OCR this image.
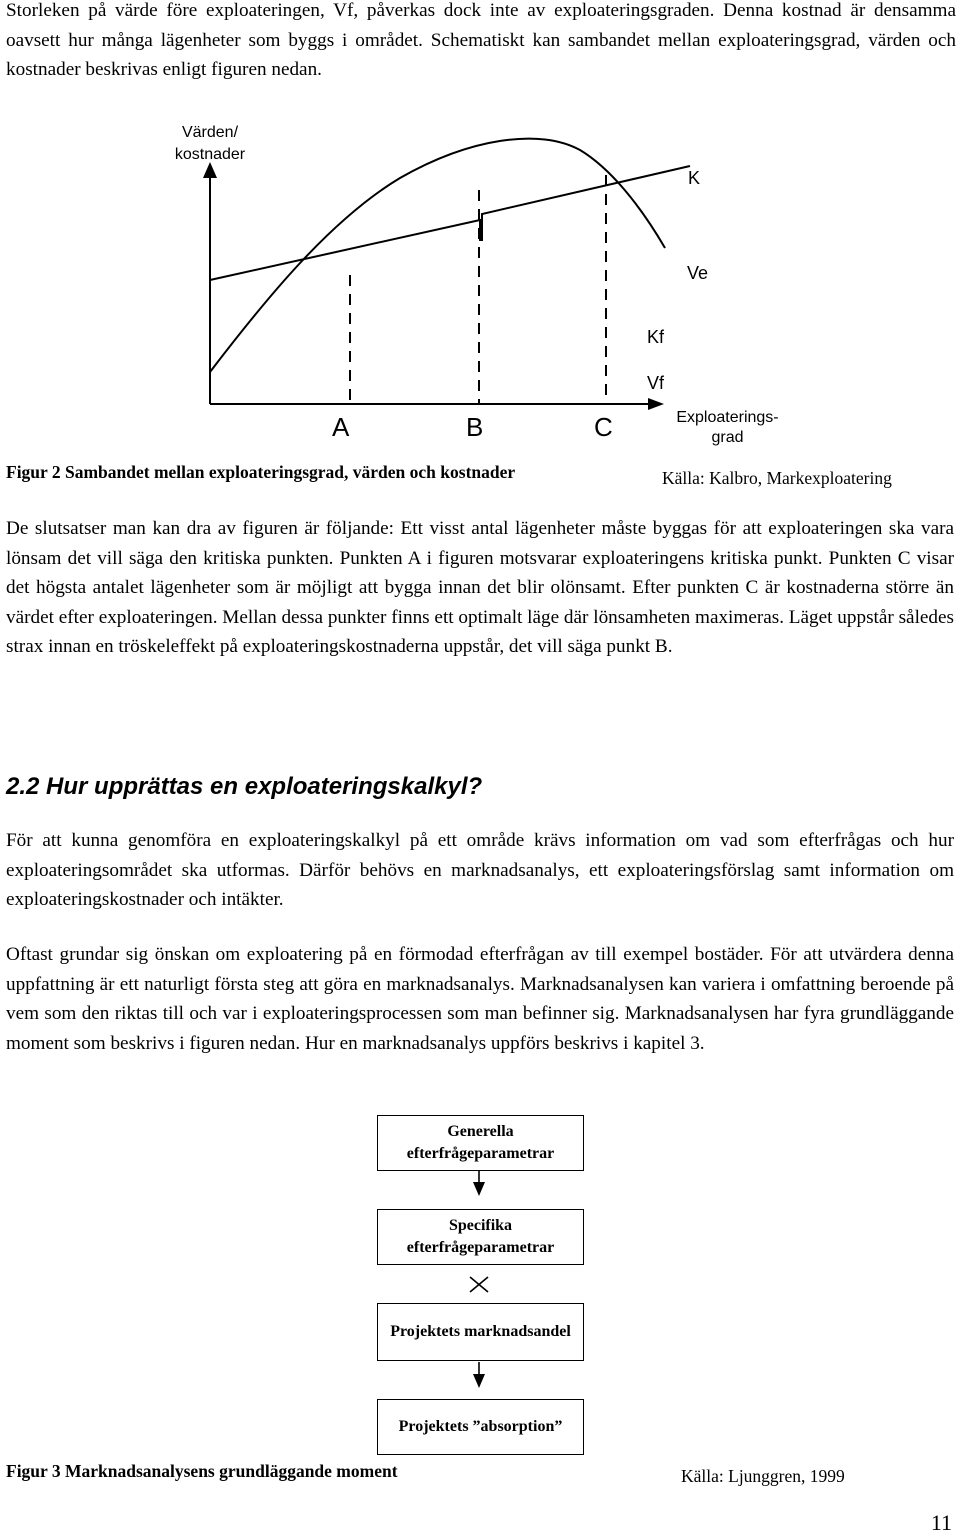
Storleken på värde före exploateringen, Vf, påverkas dock inte av exploateringsgraden. Denna kostnad är densamma oavsett hur många lägenheter som byggs i området. Schematiskt kan sambandet mellan exploateringsgrad, värden och kostnader beskrivas enligt figuren nedan.

Värden/ kostnader
K
Ve
Kf
Vf
Exploaterings-grad
A	B	C
Figur 2 Sambandet mellan exploateringsgrad, värden och kostnader	Källa: Kalbro, Markexploatering

De slutsatser man kan dra av figuren är följande: Ett visst antal lägenheter måste byggas för att exploateringen ska vara lönsam det vill säga den kritiska punkten. Punkten A i figuren motsvarar exploateringens kritiska punkt. Punkten C visar det högsta antalet lägenheter som är möjligt att bygga innan det blir olönsamt. Efter punkten C är kostnaderna större än värdet efter exploateringen. Mellan dessa punkter finns ett optimalt läge där lönsamheten maximeras. Läget uppstår således strax innan en tröskeleffekt på exploateringskostnaderna uppstår, det vill säga punkt B.

2.2 Hur upprättas en exploateringskalkyl?

För att kunna genomföra en exploateringskalkyl på ett område krävs information om vad som efterfrågas och hur exploateringsområdet ska utformas. Därför behövs en marknadsanalys, ett exploateringsförslag samt information om exploateringskostnader och intäkter.

Oftast grundar sig önskan om exploatering på en förmodad efterfrågan av till exempel bostäder. För att utvärdera denna uppfattning är ett naturligt första steg att göra en marknadsanalys. Marknadsanalysen kan variera i omfattning beroende på vem som den riktas till och var i exploateringsprocessen som man befinner sig. Marknadsanalysen har fyra grundläggande moment som beskrivs i figuren nedan. Hur en marknadsanalys uppförs beskrivs i kapitel 3.

Generella efterfrågeparametrar
Specifika efterfrågeparametrar
Projektets marknadsandel
Projektets ”absorption”
Figur 3 Marknadsanalysens grundläggande moment	Källa: Ljunggren, 1999
11
